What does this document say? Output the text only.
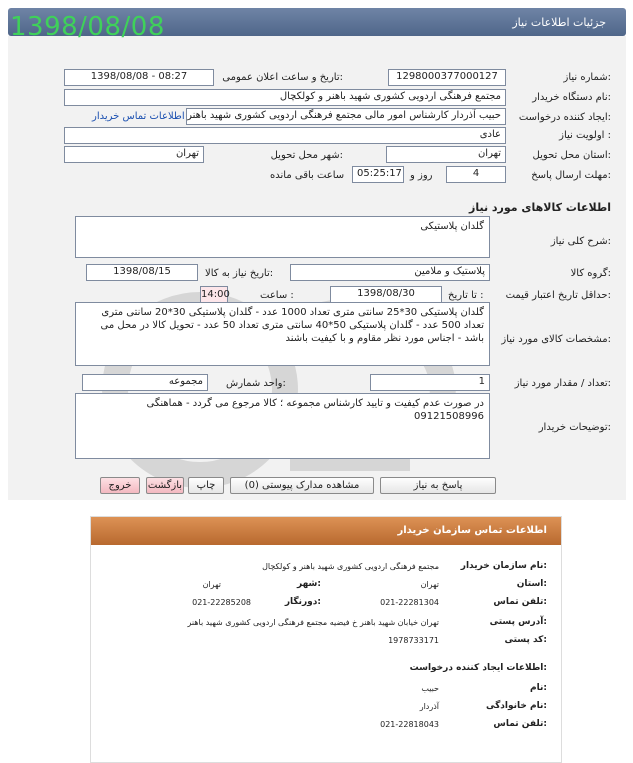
جزئیات اطلاعات نیاز
1398/08/08
شماره نیاز:
1298000377000127
تاریخ و ساعت اعلان عمومی:
1398/08/08 - 08:27
نام دستگاه خریدار:
مجتمع فرهنگی اردویی کشوری شهید باهنر و کولکچال
ایجاد کننده درخواست:
حبیب آذردار کارشناس امور مالی مجتمع فرهنگی اردویی کشوری شهید باهنر
اطلاعات تماس خریدار
اولویت نیاز :
عادی
استان محل تحویل:
تهران
شهر محل تحویل:
تهران
مهلت ارسال پاسخ:
4
روز و
05:25:17
ساعت باقی مانده
اطلاعات کالاهای مورد نیاز
شرح کلی نیاز:
گلدان پلاستیکی
گروه کالا:
پلاستیک و ملامین
تاریخ نیاز به کالا:
1398/08/15
حداقل تاریخ اعتبار قیمت:
تا تاریخ :
1398/08/30
ساعت :
14:00
مشخصات کالای مورد نیاز:
گلدان پلاستیکی 30*25 سانتی متری تعداد 1000 عدد - گلدان پلاستیکی 30*20 سانتی متری تعداد 500 عدد - گلدان پلاستیکی 50*40 سانتی متری تعداد 50 عدد - تحویل کالا در محل می باشد - اجناس مورد نظر مقاوم و با کیفیت باشند
تعداد / مقدار مورد نیاز:
1
واحد شمارش:
مجموعه
توضیحات خریدار:
در صورت عدم کیفیت و تایید کارشناس مجموعه ؛ کالا مرجوع می گردد - هماهنگی 09121508996
پاسخ به نیاز
مشاهده مدارک پیوستی (0)
چاپ
بازگشت
خروج
اطلاعات تماس سازمان خریدار
نام سازمان خریدار:
مجتمع فرهنگی اردویی کشوری شهید باهنر و کولکچال
استان:
تهران
شهر:
تهران
تلفن تماس:
021-22281304
دورنگار:
021-22285208
آدرس پستی:
تهران خیابان شهید باهنر خ فیضیه مجتمع فرهنگی اردویی کشوری شهید باهنر
کد پستی:
1978733171
اطلاعات ایجاد کننده درخواست:
نام:
حبیب
نام خانوادگی:
آذردار
تلفن تماس:
021-22818043
